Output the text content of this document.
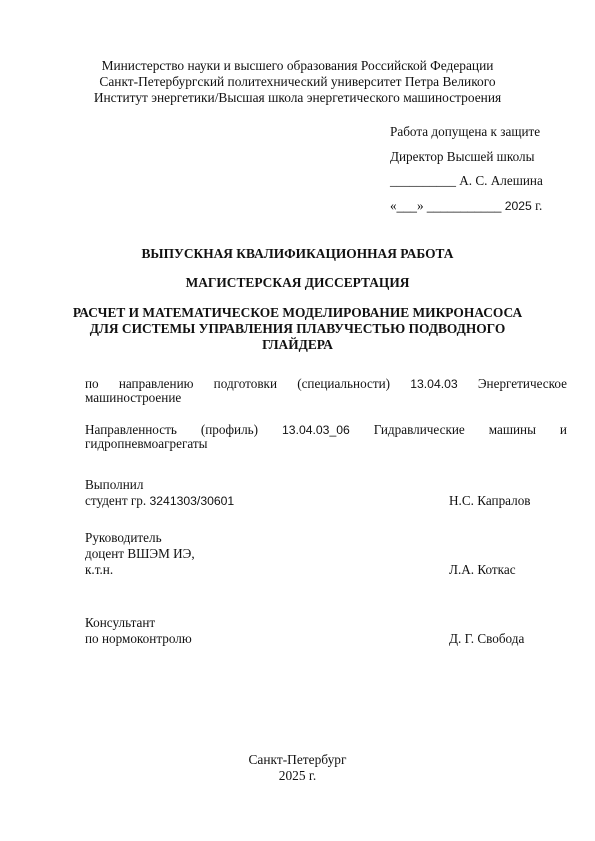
Министерство науки и высшего образования Российской Федерации
Санкт-Петербургский политехнический университет Петра Великого
Институт энергетики/Высшая школа энергетического машиностроения
Работа допущена к защите
Директор Высшей школы
__________ А. С. Алешина
«___» ___________ 2025 г.
ВЫПУСКНАЯ КВАЛИФИКАЦИОННАЯ РАБОТА
МАГИСТЕРСКАЯ ДИССЕРТАЦИЯ
РАСЧЕТ И МАТЕМАТИЧЕСКОЕ МОДЕЛИРОВАНИЕ МИКРОНАСОСА
ДЛЯ СИСТЕМЫ УПРАВЛЕНИЯ ПЛАВУЧЕСТЬЮ ПОДВОДНОГО
ГЛАЙДЕРА
по направлению подготовки (специальности) 13.04.03 Энергетическое
машиностроение
Направленность (профиль) 13.04.03_06 Гидравлические машины и
гидропневмоагрегаты
Выполнил
студент гр. 3241303/30601	Н.С. Капралов
Руководитель
доцент ВШЭМ ИЭ,
к.т.н.	Л.А. Коткас
Консультант
по нормоконтролю	Д. Г. Свобода
Санкт-Петербург
2025 г.
